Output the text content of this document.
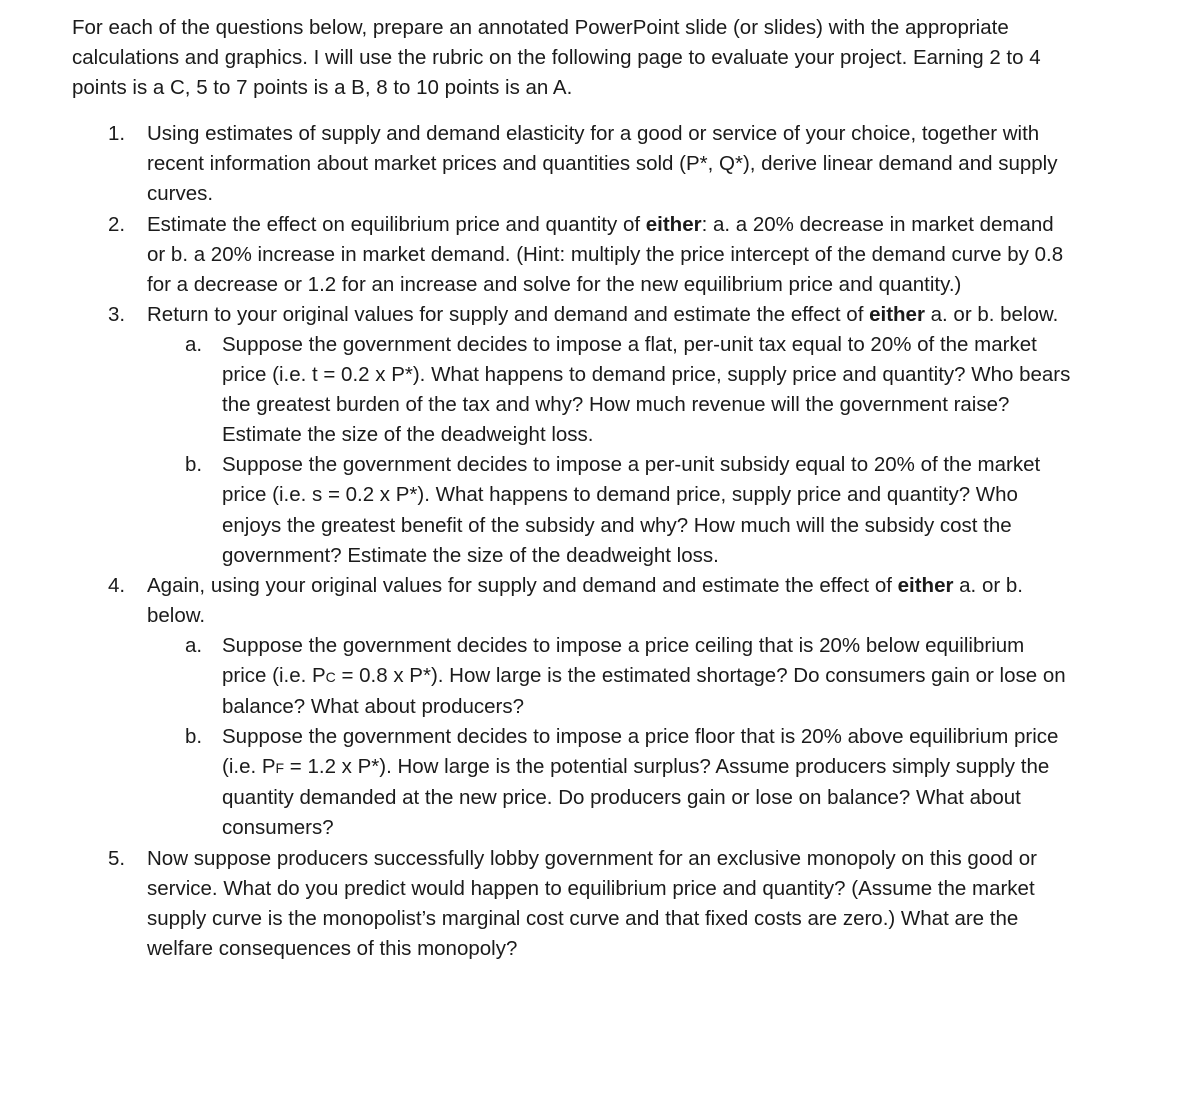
For each of the questions below, prepare an annotated PowerPoint slide (or slides) with the appropriate calculations and graphics. I will use the rubric on the following page to evaluate your project. Earning 2 to 4 points is a C, 5 to 7 points is a B, 8 to 10 points is an A.

1. Using estimates of supply and demand elasticity for a good or service of your choice, together with recent information about market prices and quantities sold (P*, Q*), derive linear demand and supply curves.
2. Estimate the effect on equilibrium price and quantity of either: a. a 20% decrease in market demand or b. a 20% increase in market demand. (Hint: multiply the price intercept of the demand curve by 0.8 for a decrease or 1.2 for an increase and solve for the new equilibrium price and quantity.)
3. Return to your original values for supply and demand and estimate the effect of either a. or b. below.
a. Suppose the government decides to impose a flat, per-unit tax equal to 20% of the market price (i.e. t = 0.2 x P*). What happens to demand price, supply price and quantity? Who bears the greatest burden of the tax and why? How much revenue will the government raise? Estimate the size of the deadweight loss.
b. Suppose the government decides to impose a per-unit subsidy equal to 20% of the market price (i.e. s = 0.2 x P*). What happens to demand price, supply price and quantity? Who enjoys the greatest benefit of the subsidy and why? How much will the subsidy cost the government? Estimate the size of the deadweight loss.
4. Again, using your original values for supply and demand and estimate the effect of either a. or b. below.
a. Suppose the government decides to impose a price ceiling that is 20% below equilibrium price (i.e. PC = 0.8 x P*). How large is the estimated shortage? Do consumers gain or lose on balance? What about producers?
b. Suppose the government decides to impose a price floor that is 20% above equilibrium price (i.e. PF = 1.2 x P*). How large is the potential surplus? Assume producers simply supply the quantity demanded at the new price. Do producers gain or lose on balance? What about consumers?
5. Now suppose producers successfully lobby government for an exclusive monopoly on this good or service. What do you predict would happen to equilibrium price and quantity? (Assume the market supply curve is the monopolist’s marginal cost curve and that fixed costs are zero.) What are the welfare consequences of this monopoly?
